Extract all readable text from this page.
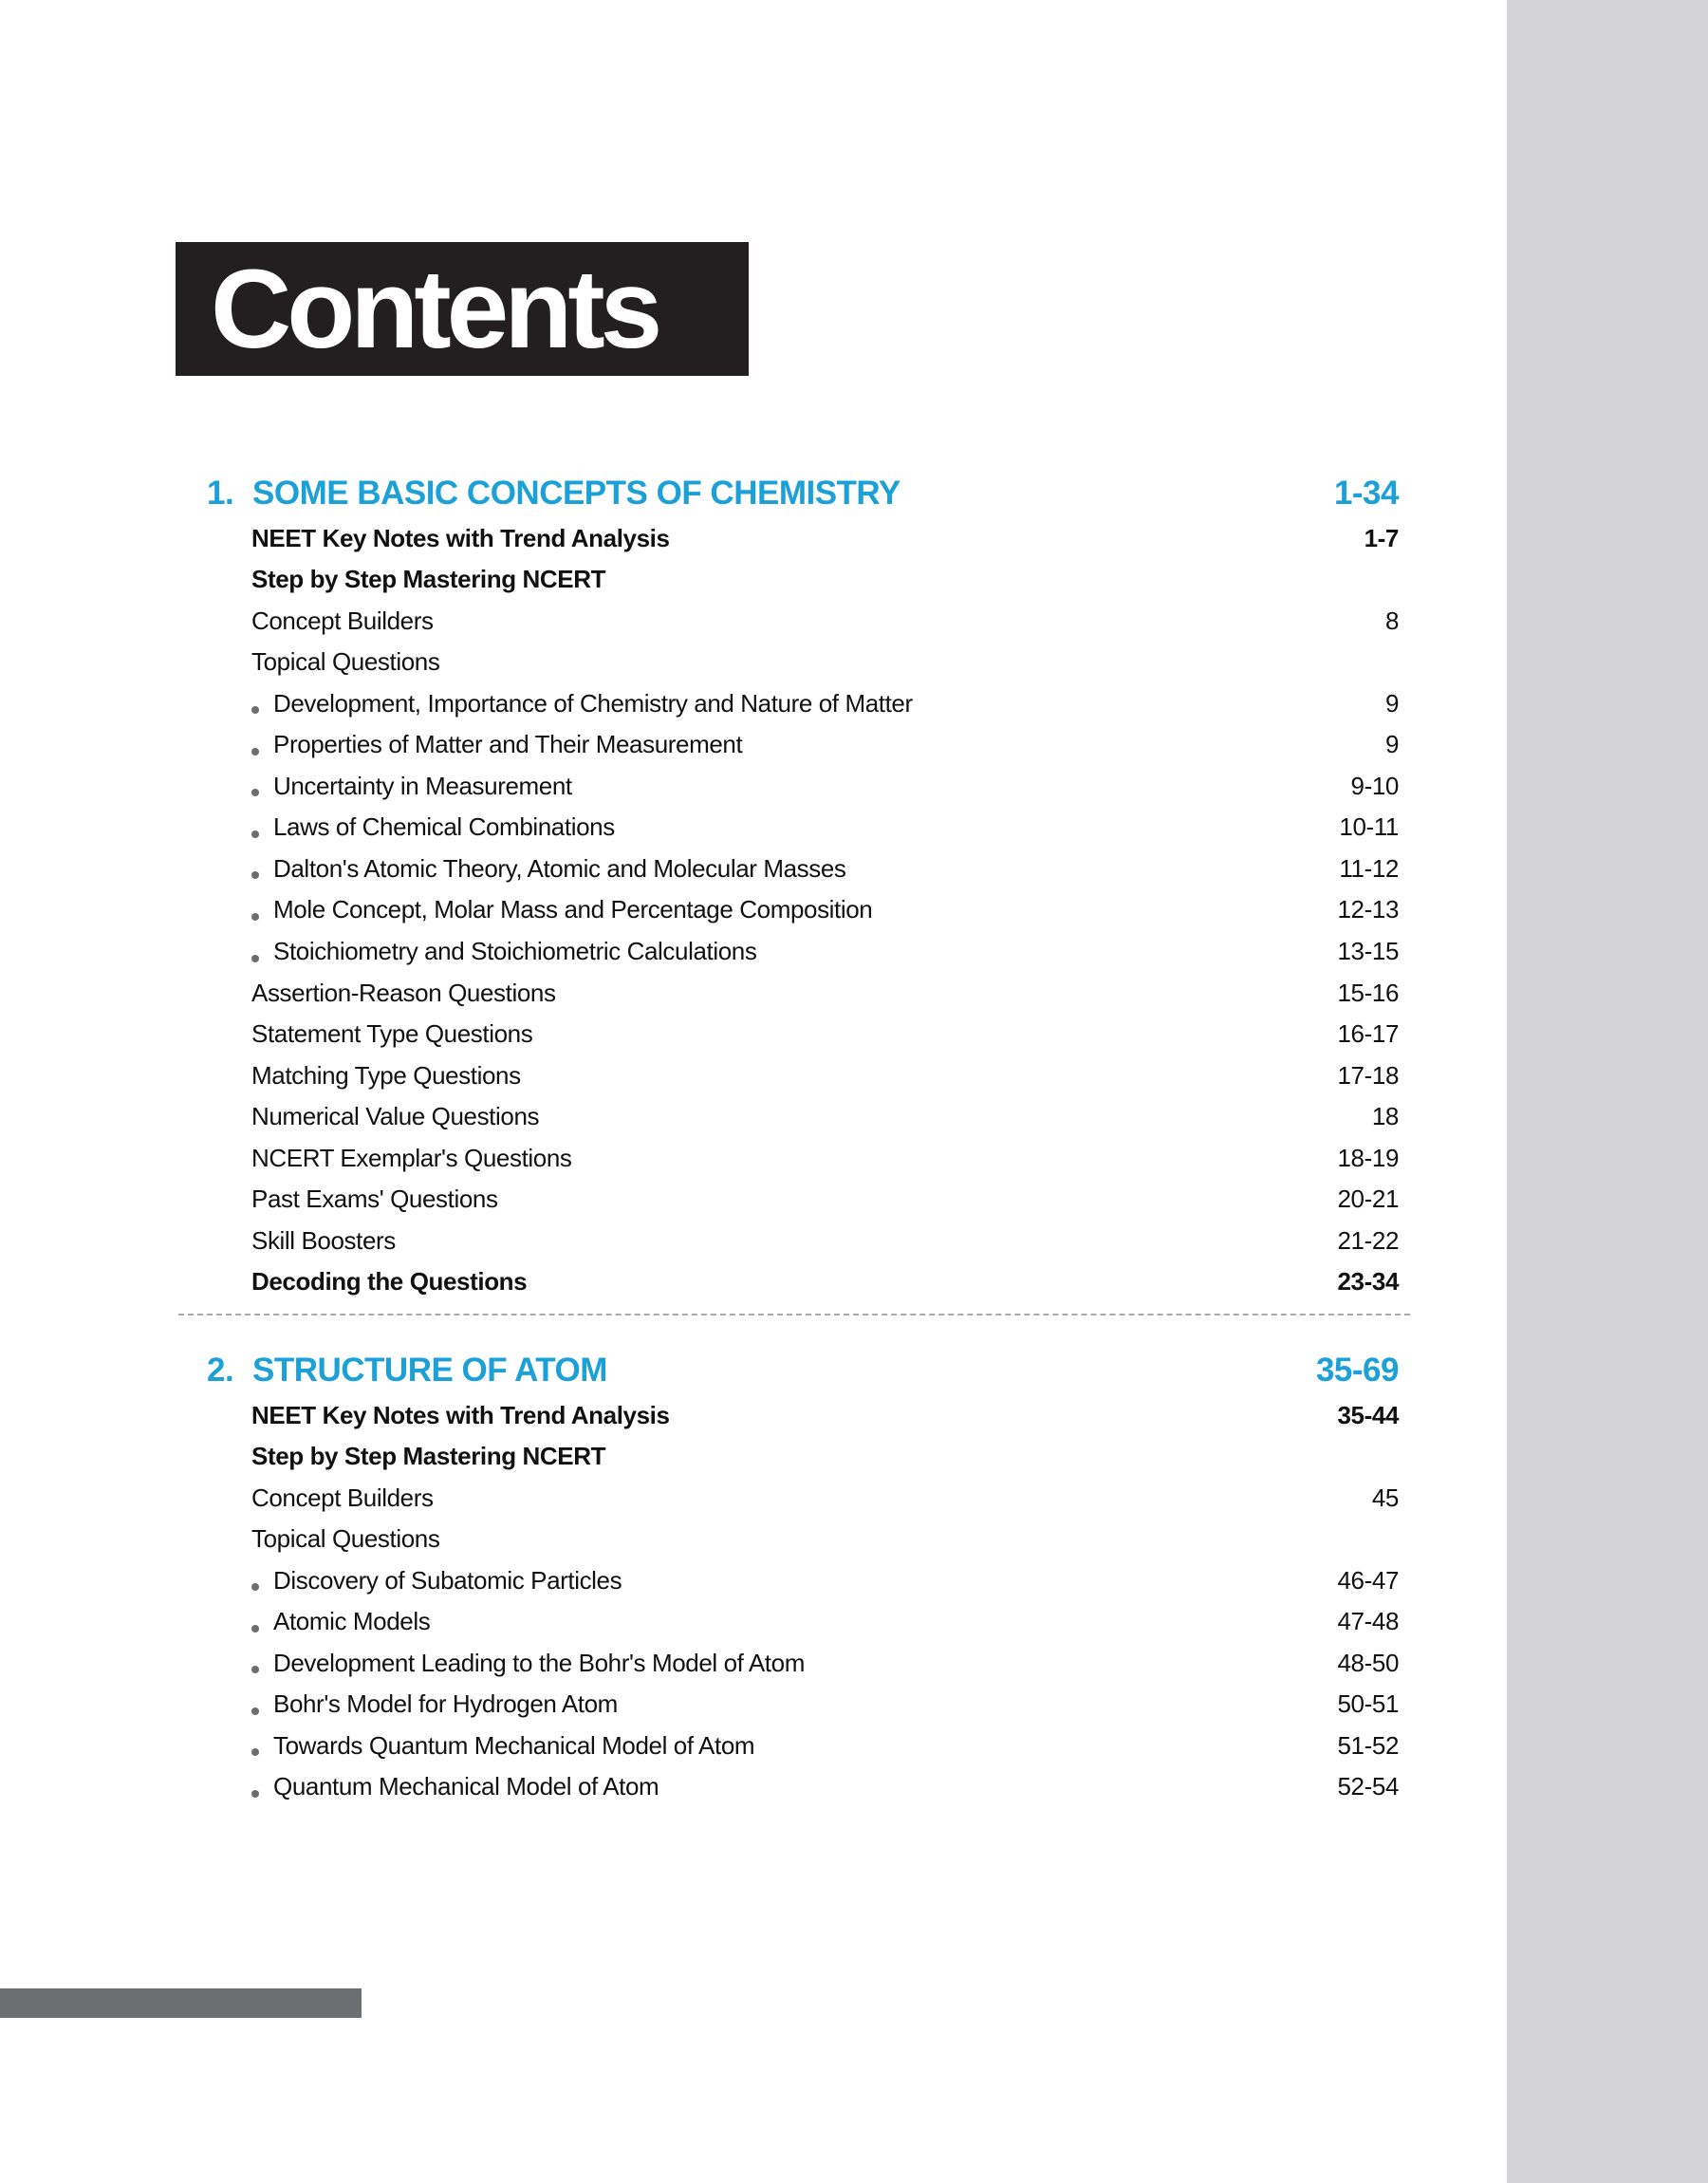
Contents
1. SOME BASIC CONCEPTS OF CHEMISTRY	1-34
NEET Key Notes with Trend Analysis	1-7
Step by Step Mastering NCERT
Concept Builders	8
Topical Questions
Development, Importance of Chemistry and Nature of Matter	9
Properties of Matter and Their Measurement	9
Uncertainty in Measurement	9-10
Laws of Chemical Combinations	10-11
Dalton's Atomic Theory, Atomic and Molecular Masses	11-12
Mole Concept, Molar Mass and Percentage Composition	12-13
Stoichiometry and Stoichiometric Calculations	13-15
Assertion-Reason Questions	15-16
Statement Type Questions	16-17
Matching Type Questions	17-18
Numerical Value Questions	18
NCERT Exemplar's Questions	18-19
Past Exams' Questions	20-21
Skill Boosters	21-22
Decoding the Questions	23-34
2. STRUCTURE OF ATOM	35-69
NEET Key Notes with Trend Analysis	35-44
Step by Step Mastering NCERT
Concept Builders	45
Topical Questions
Discovery of Subatomic Particles	46-47
Atomic Models	47-48
Development Leading to the Bohr's Model of Atom	48-50
Bohr's Model for Hydrogen Atom	50-51
Towards Quantum Mechanical Model of Atom	51-52
Quantum Mechanical Model of Atom	52-54
